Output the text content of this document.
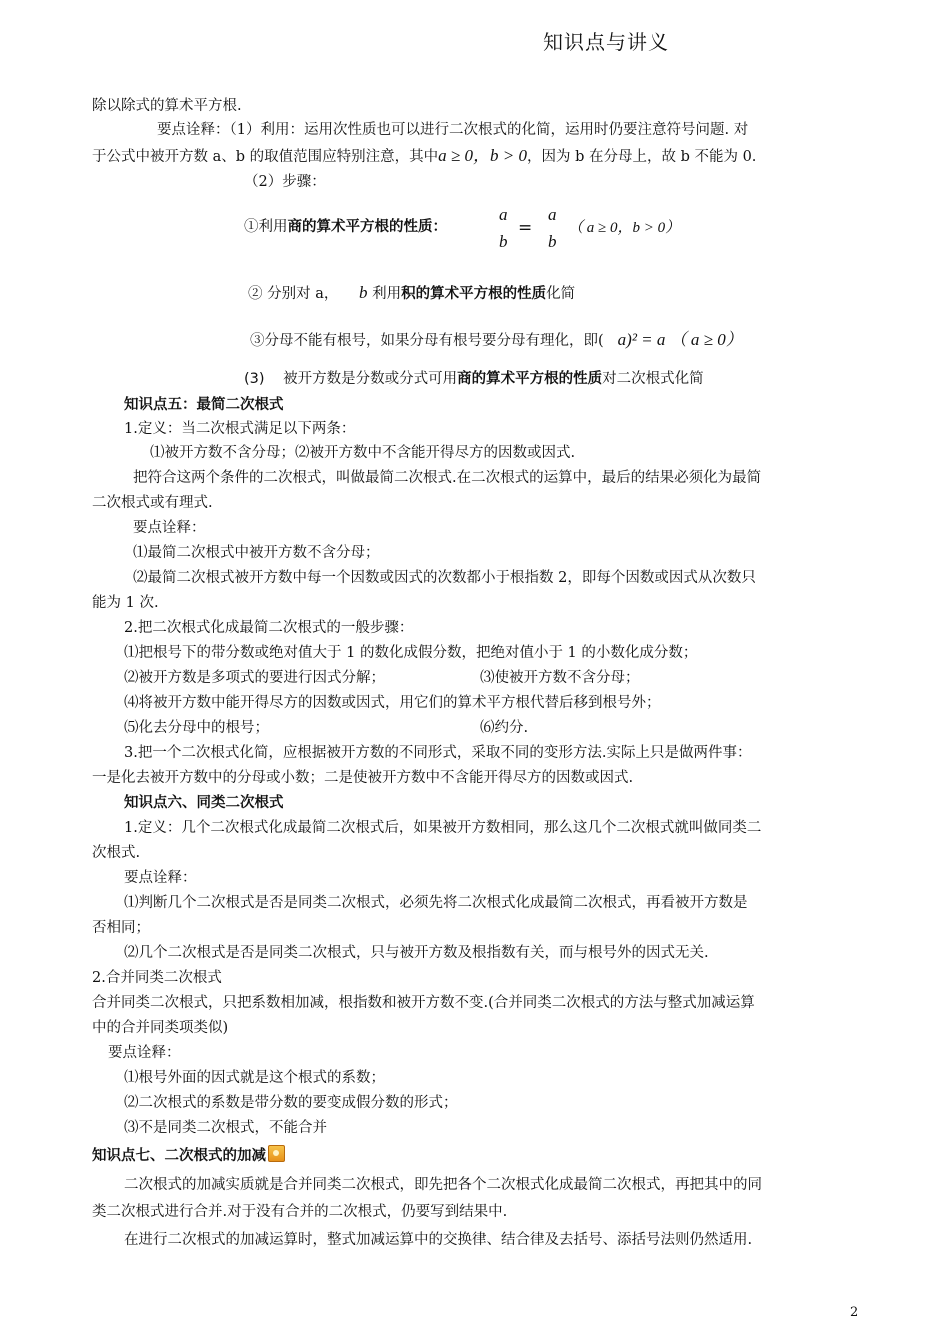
知识点与讲义
除以除式的算术平方根.
要点诠释：（1）利用：运用次性质也可以进行二次根式的化简，运用时仍要注意符号问题. 对
于公式中被开方数 a、b 的取值范围应特别注意，其中a ≥ 0，b > 0，因为 b 在分母上，故 b 不能为 0.
（2）步骤：
①利用商的算术平方根的性质：
a
b
=
a
b
（ a ≥ 0，b > 0）
② 分别对 a， b 利用积的算术平方根的性质化简
③分母不能有根号，如果分母有根号要分母有理化，即( a)² = a （ a ≥ 0）
(3) 被开方数是分数或分式可用商的算术平方根的性质对二次根式化简
知识点五：最简二次根式
1.定义：当二次根式满足以下两条：
⑴被开方数不含分母；⑵被开方数中不含能开得尽方的因数或因式.
把符合这两个条件的二次根式，叫做最简二次根式.在二次根式的运算中，最后的结果必须化为最简
二次根式或有理式.
要点诠释：
⑴最简二次根式中被开方数不含分母；
⑵最简二次根式被开方数中每一个因数或因式的次数都小于根指数 2，即每个因数或因式从次数只
能为 1 次.
2.把二次根式化成最简二次根式的一般步骤：
⑴把根号下的带分数或绝对值大于 1 的数化成假分数，把绝对值小于 1 的小数化成分数；
⑵被开方数是多项式的要进行因式分解；	⑶使被开方数不含分母；
⑷将被开方数中能开得尽方的因数或因式，用它们的算术平方根代替后移到根号外；
⑸化去分母中的根号；	⑹约分.
3.把一个二次根式化简，应根据被开方数的不同形式，采取不同的变形方法.实际上只是做两件事：
一是化去被开方数中的分母或小数；二是使被开方数中不含能开得尽方的因数或因式.
知识点六、同类二次根式
1.定义：几个二次根式化成最简二次根式后，如果被开方数相同，那么这几个二次根式就叫做同类二
次根式.
要点诠释：
⑴判断几个二次根式是否是同类二次根式，必须先将二次根式化成最简二次根式，再看被开方数是
否相同；
⑵几个二次根式是否是同类二次根式，只与被开方数及根指数有关，而与根号外的因式无关.
2.合并同类二次根式
合并同类二次根式，只把系数相加减，根指数和被开方数不变.(合并同类二次根式的方法与整式加减运算
中的合并同类项类似)
要点诠释：
⑴根号外面的因式就是这个根式的系数；
⑵二次根式的系数是带分数的要变成假分数的形式；
⑶不是同类二次根式，不能合并
知识点七、二次根式的加减
二次根式的加减实质就是合并同类二次根式，即先把各个二次根式化成最简二次根式，再把其中的同
类二次根式进行合并.对于没有合并的二次根式，仍要写到结果中.
在进行二次根式的加减运算时，整式加减运算中的交换律、结合律及去括号、添括号法则仍然适用.
2
